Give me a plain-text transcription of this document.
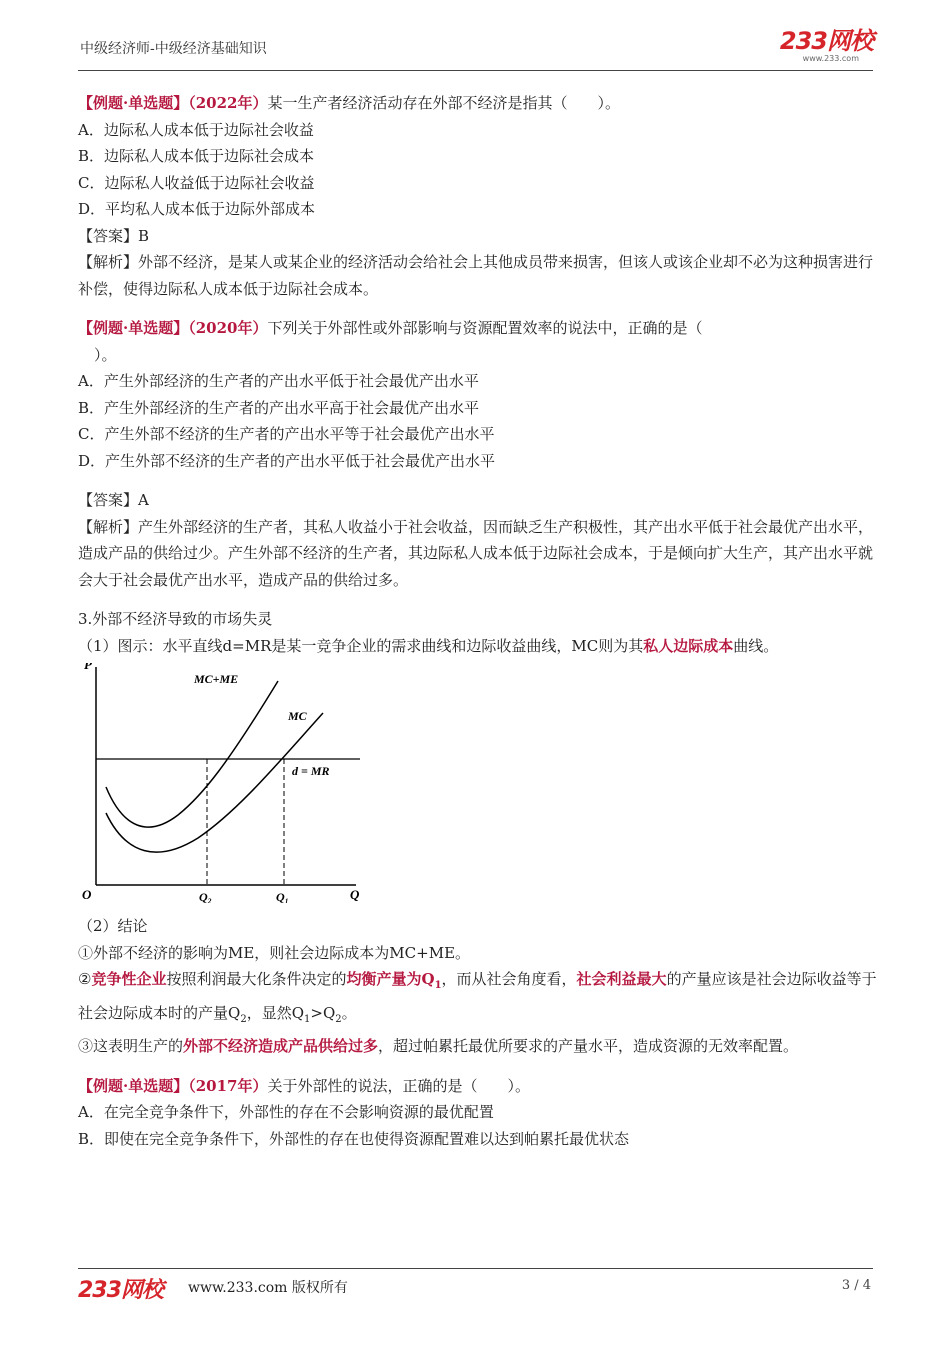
中级经济师-中级经济基础知识	233网校
www.233.com

【例题·单选题】（2022年）某一生产者经济活动存在外部不经济是指其（　　）。

A．边际私人成本低于边际社会收益

B．边际私人成本低于边际社会成本

C．边际私人收益低于边际社会收益

D．平均私人成本低于边际外部成本

【答案】B

【解析】外部不经济，是某人或某企业的经济活动会给社会上其他成员带来损害，但该人或该企业却不必为这种损害进行补偿，使得边际私人成本低于边际社会成本。

【例题·单选题】（2020年）下列关于外部性或外部影响与资源配置效率的说法中，正确的是（

）。

A．产生外部经济的生产者的产出水平低于社会最优产出水平

B．产生外部经济的生产者的产出水平高于社会最优产出水平

C．产生外部不经济的生产者的产出水平等于社会最优产出水平

D．产生外部不经济的生产者的产出水平低于社会最优产出水平

【答案】A

【解析】产生外部经济的生产者，其私人收益小于社会收益，因而缺乏生产积极性，其产出水平低于社会最优产出水平，造成产品的供给过少。产生外部不经济的生产者，其边际私人成本低于边际社会成本，于是倾向扩大生产，其产出水平就会大于社会最优产出水平，造成产品的供给过多。

3.外部不经济导致的市场失灵

（1）图示：水平直线d=MR是某一竞争企业的需求曲线和边际收益曲线，MC则为其私人边际成本曲线。

P
Q
O
MC+ME
MC
d = MR
Q₂	Q₁

（2）结论

①外部不经济的影响为ME，则社会边际成本为MC+ME。

②竞争性企业按照利润最大化条件决定的均衡产量为$Q_1$，而从社会角度看，社会利益最大的产量应该是社会边际收益等于社会边际成本时的产量$Q_2$，显然$Q_1>Q_2$。

③这表明生产的外部不经济造成产品供给过多，超过帕累托最优所要求的产量水平，造成资源的无效率配置。

【例题·单选题】（2017年）关于外部性的说法，正确的是（　　）。

A．在完全竞争条件下，外部性的存在不会影响资源的最优配置

B．即使在完全竞争条件下，外部性的存在也使得资源配置难以达到帕累托最优状态

233网校 www.233.com 版权所有	3 / 4
